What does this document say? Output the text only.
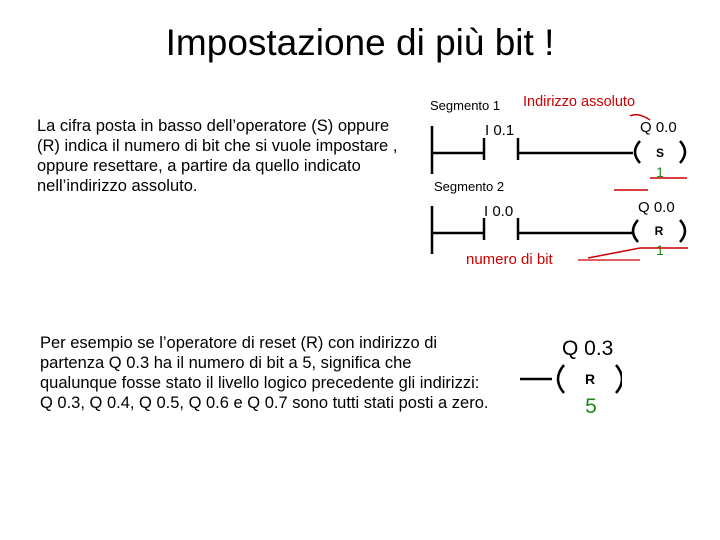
Impostazione di più bit !
La cifra posta in basso dell’operatore (S) oppure (R) indica il numero di bit che si vuole impostare , oppure resettare, a partire da quello indicato nell’indirizzo assoluto.
Per esempio se l’operatore di reset (R) con indirizzo di partenza Q 0.3 ha il numero di bit a 5, significa che qualunque fosse stato il livello logico precedente gli indirizzi: Q 0.3, Q 0.4, Q 0.5, Q 0.6 e Q 0.7 sono tutti stati posti a zero.
Segmento 1
Segmento 2
Indirizzo assoluto
numero di bit
I 0.1	Q 0.0
S
1
I 0.0	Q 0.0
R
1
Q 0.3
R
5
